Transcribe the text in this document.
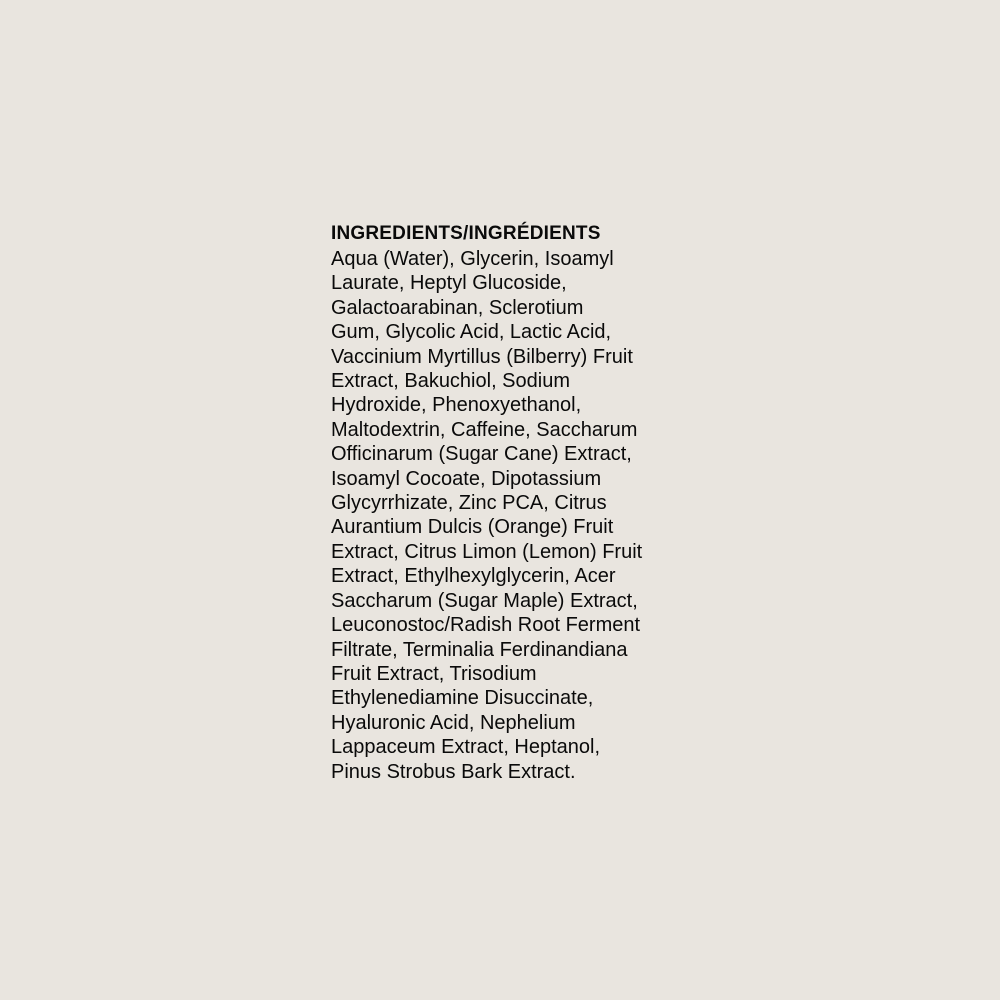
INGREDIENTS/INGRÉDIENTS
Aqua (Water), Glycerin, Isoamyl
Laurate, Heptyl Glucoside,
Galactoarabinan, Sclerotium
Gum, Glycolic Acid, Lactic Acid,
Vaccinium Myrtillus (Bilberry) Fruit
Extract, Bakuchiol, Sodium
Hydroxide, Phenoxyethanol,
Maltodextrin, Caffeine, Saccharum
Officinarum (Sugar Cane) Extract,
Isoamyl Cocoate, Dipotassium
Glycyrrhizate, Zinc PCA, Citrus
Aurantium Dulcis (Orange) Fruit
Extract, Citrus Limon (Lemon) Fruit
Extract, Ethylhexylglycerin, Acer
Saccharum (Sugar Maple) Extract,
Leuconostoc/Radish Root Ferment
Filtrate, Terminalia Ferdinandiana
Fruit Extract, Trisodium
Ethylenediamine Disuccinate,
Hyaluronic Acid, Nephelium
Lappaceum Extract, Heptanol,
Pinus Strobus Bark Extract.
